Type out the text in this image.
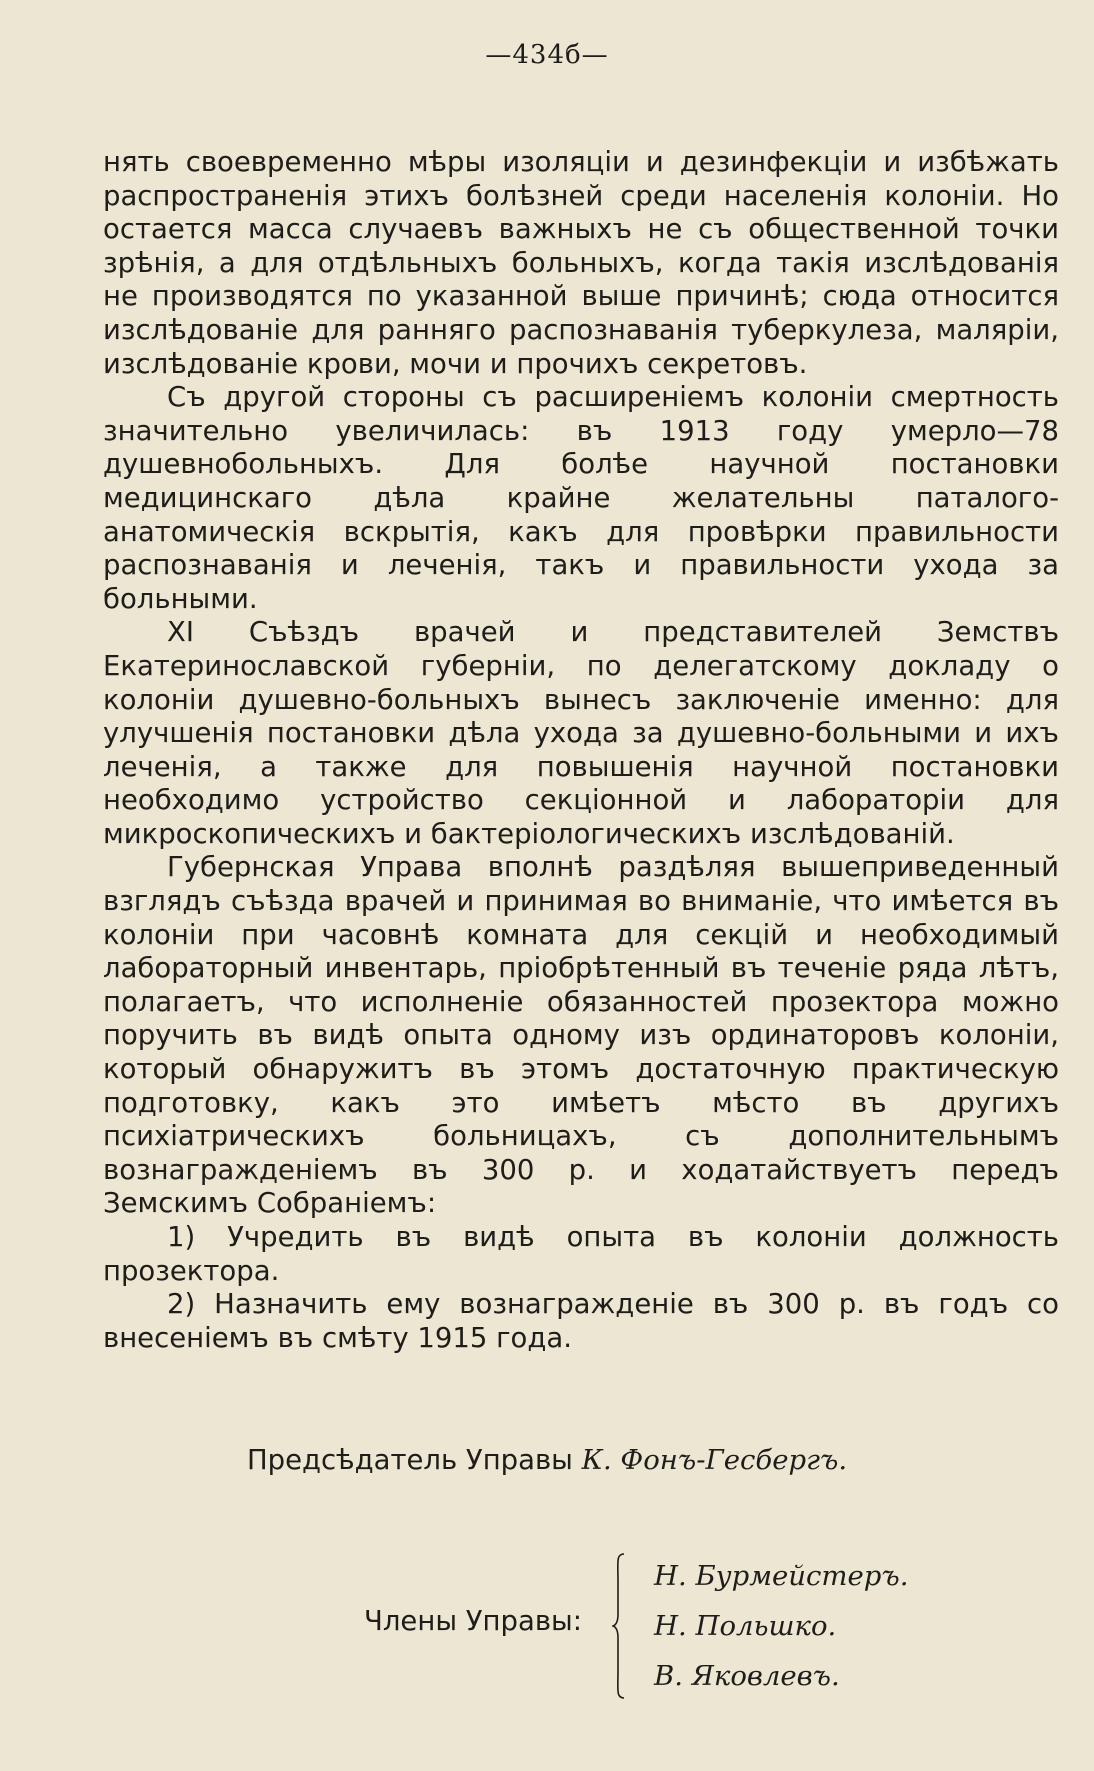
—434б—

нять своевременно мѣры изоляціи и дезинфекціи и избѣжать распространенія этихъ болѣзней среди населенія колоніи. Но остается масса случаевъ важныхъ не съ общественной точки зрѣнія, а для отдѣльныхъ больныхъ, когда такія изслѣдованія не производятся по указанной выше причинѣ; сюда относится изслѣдованіе для ранняго распознаванія туберкулеза, маляріи, изслѣдованіе крови, мочи и прочихъ секретовъ.

Съ другой стороны съ расширеніемъ колоніи смертность значительно увеличилась: въ 1913 году умерло—78 душевнобольныхъ. Для болѣе научной постановки медицинскаго дѣла крайне желательны паталого-анатомическія вскрытія, какъ для провѣрки правильности распознаванія и леченія, такъ и правильности ухода за больными.

XI Съѣздъ врачей и представителей Земствъ Екатеринославской губерніи, по делегатскому докладу о колоніи душевно-больныхъ вынесъ заключеніе именно: для улучшенія постановки дѣла ухода за душевно-больными и ихъ леченія, а также для повышенія научной постановки необходимо устройство секціонной и лабораторіи для микроскопическихъ и бактеріологическихъ изслѣдованій.

Губернская Управа вполнѣ раздѣляя вышеприведенный взглядъ съѣзда врачей и принимая во вниманіе, что имѣется въ колоніи при часовнѣ комната для секцій и необходимый лабораторный инвентарь, пріобрѣтенный въ теченіе ряда лѣтъ, полагаетъ, что исполненіе обязанностей прозектора можно поручить въ видѣ опыта одному изъ ординаторовъ колоніи, который обнаружитъ въ этомъ достаточную практическую подготовку, какъ это имѣетъ мѣсто въ другихъ психіатрическихъ больницахъ, съ дополнительнымъ вознагражденіемъ въ 300 р. и ходатайствуетъ передъ Земскимъ Собраніемъ:

1) Учредить въ видѣ опыта въ колоніи должность прозектора.

2) Назначить ему вознагражденіе въ 300 р. въ годъ со внесеніемъ въ смѣту 1915 года.

Предсѣдатель Управы К. Фонъ-Гесбергъ.
Члены Управы:
Н. Бурмейстеръ.
Н. Польшко.
В. Яковлевъ.
